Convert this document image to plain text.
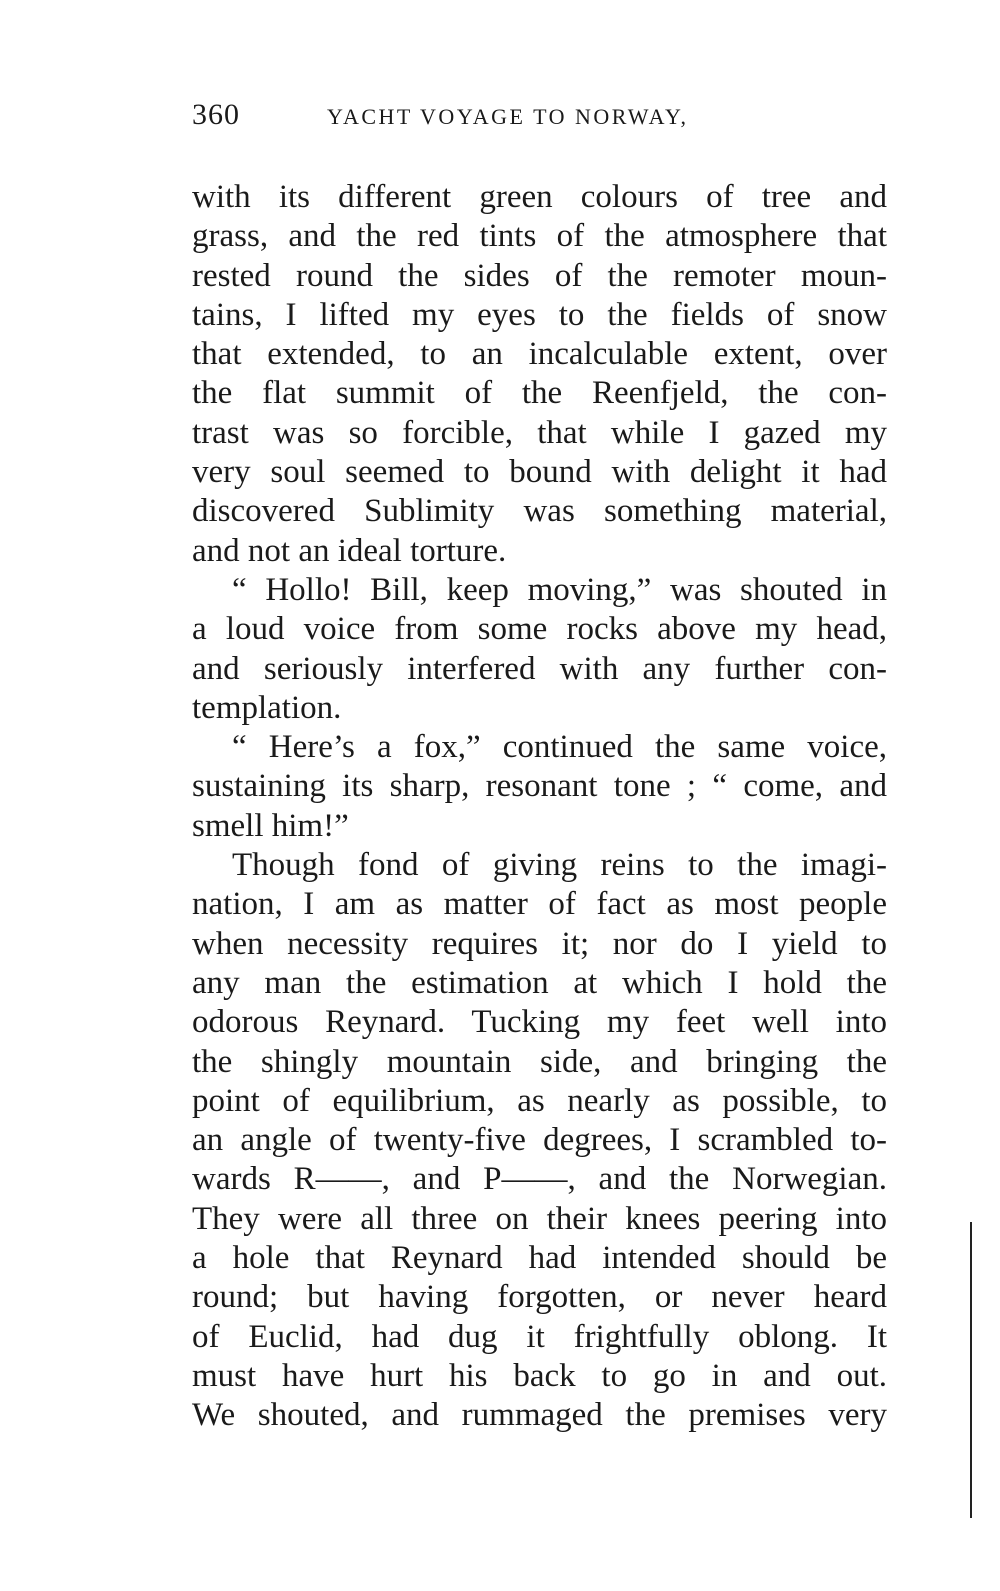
360	YACHT VOYAGE TO NORWAY,
with its different green colours of tree and
grass, and the red tints of the atmosphere that
rested round the sides of the remoter moun-
tains, I lifted my eyes to the fields of snow
that extended, to an incalculable extent, over
the flat summit of the Reenfjeld, the con-
trast was so forcible, that while I gazed my
very soul seemed to bound with delight it had
discovered Sublimity was something material,
and not an ideal torture.
“ Hollo! Bill, keep moving,” was shouted in
a loud voice from some rocks above my head,
and seriously interfered with any further con-
templation.
“ Here’s a fox,” continued the same voice,
sustaining its sharp, resonant tone ; “ come, and
smell him!”
Though fond of giving reins to the imagi-
nation, I am as matter of fact as most people
when necessity requires it; nor do I yield to
any man the estimation at which I hold the
odorous Reynard. Tucking my feet well into
the shingly mountain side, and bringing the
point of equilibrium, as nearly as possible, to
an angle of twenty-five degrees, I scrambled to-
wards R——, and P——, and the Norwegian.
They were all three on their knees peering into
a hole that Reynard had intended should be
round; but having forgotten, or never heard
of Euclid, had dug it frightfully oblong. It
must have hurt his back to go in and out.
We shouted, and rummaged the premises very
